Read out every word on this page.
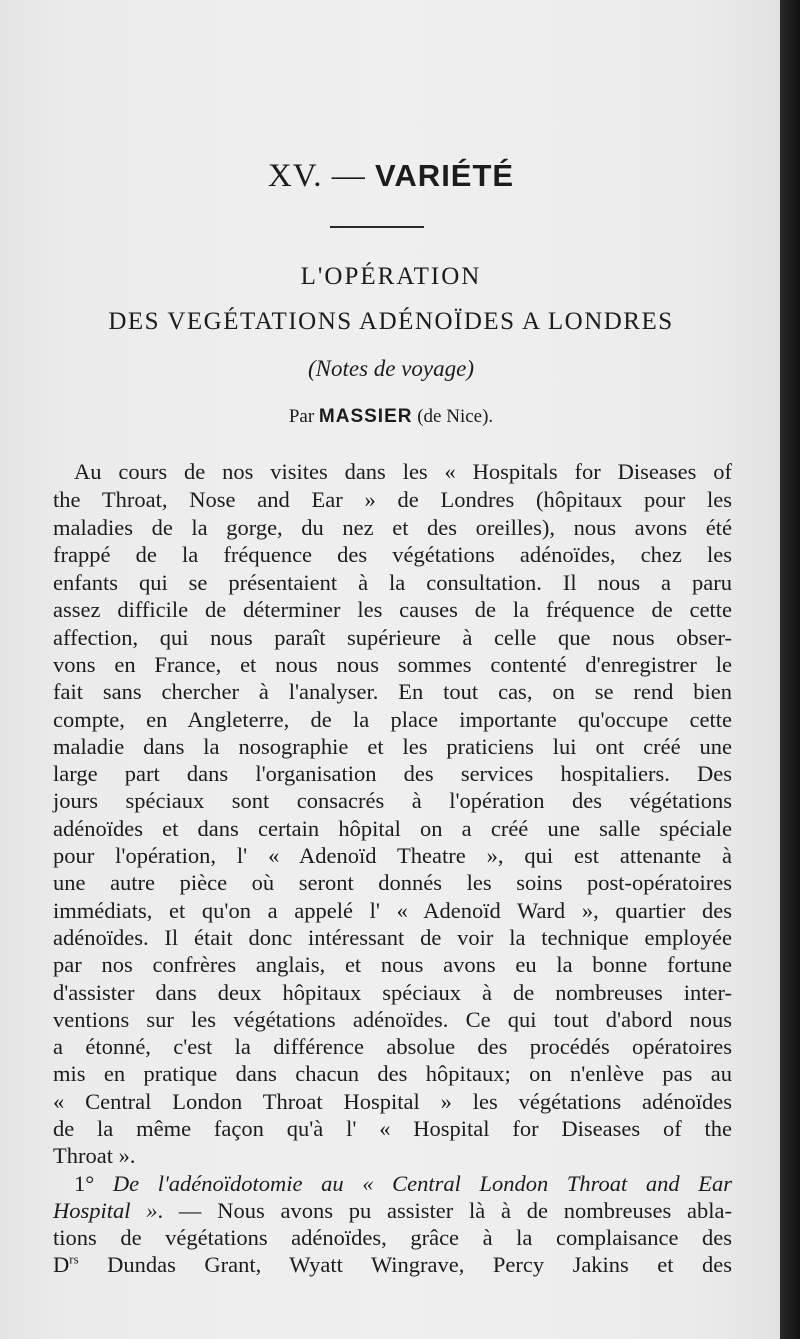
XV. — VARIÉTÉ
L'OPÉRATION
DES VEGÉTATIONS ADÉNOÏDES A LONDRES
(Notes de voyage)
Par MASSIER (de Nice).
Au cours de nos visites dans les « Hospitals for Diseases of
the Throat, Nose and Ear » de Londres (hôpitaux pour les
maladies de la gorge, du nez et des oreilles), nous avons été
frappé de la fréquence des végétations adénoïdes, chez les
enfants qui se présentaient à la consultation. Il nous a paru
assez difficile de déterminer les causes de la fréquence de cette
affection, qui nous paraît supérieure à celle que nous obser-
vons en France, et nous nous sommes contenté d'enregistrer le
fait sans chercher à l'analyser. En tout cas, on se rend bien
compte, en Angleterre, de la place importante qu'occupe cette
maladie dans la nosographie et les praticiens lui ont créé une
large part dans l'organisation des services hospitaliers. Des
jours spéciaux sont consacrés à l'opération des végétations
adénoïdes et dans certain hôpital on a créé une salle spéciale
pour l'opération, l' « Adenoïd Theatre », qui est attenante à
une autre pièce où seront donnés les soins post-opératoires
immédiats, et qu'on a appelé l' « Adenoïd Ward », quartier des
adénoïdes. Il était donc intéressant de voir la technique employée
par nos confrères anglais, et nous avons eu la bonne fortune
d'assister dans deux hôpitaux spéciaux à de nombreuses inter-
ventions sur les végétations adénoïdes. Ce qui tout d'abord nous
a étonné, c'est la différence absolue des procédés opératoires
mis en pratique dans chacun des hôpitaux; on n'enlève pas au
« Central London Throat Hospital » les végétations adénoïdes
de la même façon qu'à l' « Hospital for Diseases of the
Throat ».
1° De l'adénoïdotomie au « Central London Throat and Ear
Hospital ». — Nous avons pu assister là à de nombreuses abla-
tions de végétations adénoïdes, grâce à la complaisance des
$D^{rs}$ Dundas Grant, Wyatt Wingrave, Percy Jakins et des
